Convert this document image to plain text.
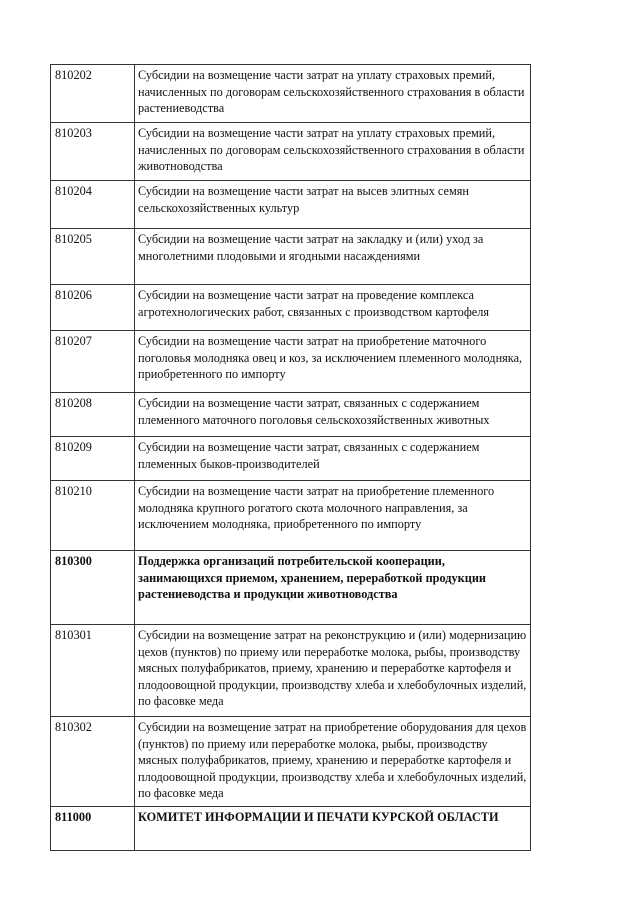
810202	Субсидии на возмещение части затрат на уплату страховых премий, начисленных по договорам сельскохозяйственного страхования в области растениеводства
810203	Субсидии на возмещение части затрат на уплату страховых премий, начисленных по договорам сельскохозяйственного страхования в области животноводства
810204	Субсидии на возмещение части затрат на высев элитных семян сельскохозяйственных культур
810205	Субсидии на возмещение части затрат на закладку и (или) уход за многолетними плодовыми и ягодными насаждениями
810206	Субсидии на возмещение части затрат на проведение комплекса агротехнологических работ, связанных с производством картофеля
810207	Субсидии на возмещение части затрат на приобретение маточного поголовья молодняка овец и коз, за исключением племенного молодняка, приобретенного по импорту
810208	Субсидии на возмещение части затрат, связанных с содержанием племенного маточного поголовья сельскохозяйственных животных
810209	Субсидии на возмещение части затрат, связанных с содержанием племенных быков-производителей
810210	Субсидии на возмещение части затрат на приобретение племенного молодняка крупного рогатого скота молочного направления, за исключением молодняка, приобретенного по импорту
810300	Поддержка организаций потребительской кооперации, занимающихся приемом, хранением, переработкой продукции растениеводства и продукции животноводства
810301	Субсидии на возмещение затрат на реконструкцию и (или) модернизацию цехов (пунктов) по приему или переработке молока, рыбы, производству мясных полуфабрикатов, приему, хранению и переработке картофеля и плодоовощной продукции, производству хлеба и хлебобулочных изделий, по фасовке меда
810302	Субсидии на возмещение затрат на приобретение оборудования для цехов (пунктов) по приему или переработке молока, рыбы, производству мясных полуфабрикатов, приему, хранению и переработке картофеля и плодоовощной продукции, производству хлеба и хлебобулочных изделий, по фасовке меда
811000	КОМИТЕТ ИНФОРМАЦИИ И ПЕЧАТИ КУРСКОЙ ОБЛАСТИ
